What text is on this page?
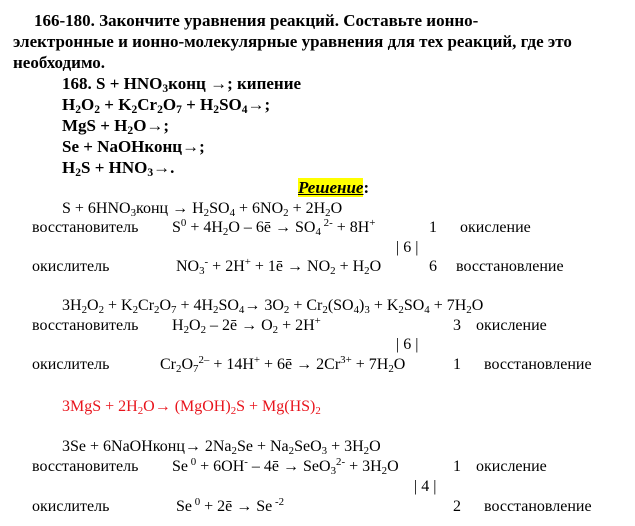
166-180. Закончите уравнения реакций. Составьте ионно-
электронные и ионно-молекулярные уравнения для тех реакций, где это
необходимо.
168. $S + HNO_3конц$ →; кипение
$H_2O_2 + K_2Cr_2O_7 + H_2SO_4\to$;
MgS + $H_2O\to$;
Se + NaOHконц→;
$H_2S + HNO_3\to$.
Решение:
$S + 6HNO_3конц \to H_2SO_4 + 6NO_2 + 2H_2O$
восстановитель $S^0 + 4H_2O$ – 6ē → $SO_4$ $^{2-}$ + 8H+	1 окисление
| 6 |
окислитель	$NO_3^- + 2H^+$ + 1ē → $NO_2 + H_2O$	6 восстановление
$3H_2O_2 + K_2Cr_2O_7 + 4H_2SO_4\to 3O_2 + Cr_2(SO_4)_3 + K_2SO_4 + 7H_2O$
восстановитель $H_2O_2$ – 2ē → $O_2 + 2H^+$	3 окисление
| 6 |
окислитель	$Cr_2O_7^{2-} + 14H^+$ + 6ē → $2Cr^{3+} + 7H_2O$	1 восстановление
$3MgS + 2H_2O\to$ $(MgOH)_2S + Mg(HS)_2$
3Se + 6NaOHконц→ $2Na_2Se + Na_2SeO_3 + 3H_2O$
восстановитель Se $^0$ + 6OH- – 4ē → $SeO_3^{2-} + 3H_2O$	1 окисление
| 4 |
окислитель	Se $^0$ + 2ē → Se $^{-2}$	2 восстановление
